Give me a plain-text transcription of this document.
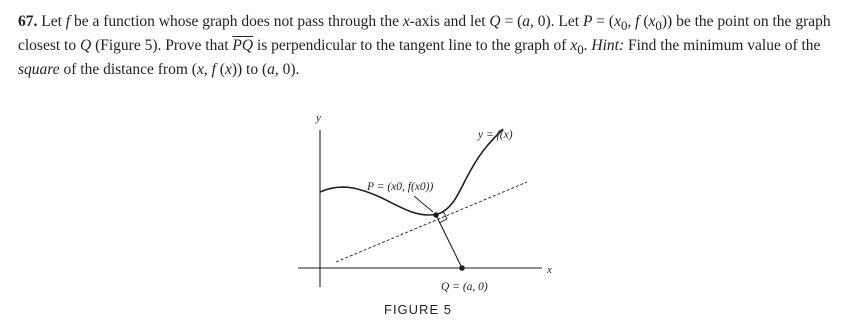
67. Let f be a function whose graph does not pass through the x-axis and let Q = (a, 0). Let $P = (x_0$, f $(x_0)$) be the point on the graph closest to Q (Figure 5). Prove that $\overline{PQ}$ is perpendicular to the tangent line to the graph of $x_0$. Hint: Find the minimum value of the square of the distance from (x, f (x)) to (a, 0).
y
x
y = f(x)
P = (x0, f(x0))
Q = (a, 0)
FIGURE 5
